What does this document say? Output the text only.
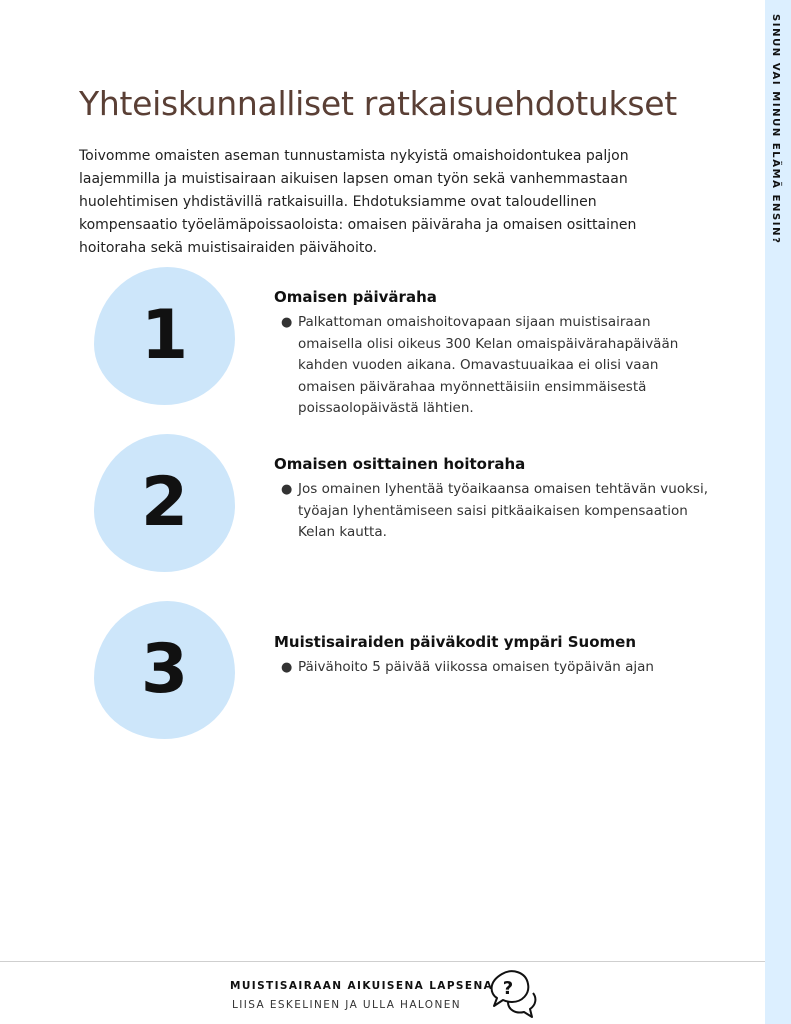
SINUN VAI MINUN ELÄMÄ ENSIN?
Yhteiskunnalliset ratkaisuehdotukset

Toivomme omaisten aseman tunnustamista nykyistä omaishoidontukea paljon laajemmilla ja muistisairaan aikuisen lapsen oman työn sekä vanhemmastaan huolehtimisen yhdistävillä ratkaisuilla. Ehdotuksiamme ovat taloudellinen kompensaatio työelämäpoissaoloista: omaisen päiväraha ja omaisen osittainen hoitoraha sekä muistisairaiden päivähoito.

1	Omaisen päiväraha
● Palkattoman omaishoitovapaan sijaan muistisairaan omaisella olisi oikeus 300 Kelan omaispäivärahapäivään kahden vuoden aikana. Omavastuuaikaa ei olisi vaan omaisen päivärahaa myönnettäisiin ensimmäisestä poissaolopäivästä lähtien.
2	Omaisen osittainen hoitoraha
● Jos omainen lyhentää työaikaansa omaisen tehtävän vuoksi, työajan lyhentämiseen saisi pitkäaikaisen kompensaation Kelan kautta.
3	Muistisairaiden päiväkodit ympäri Suomen
● Päivähoito 5 päivää viikossa omaisen työpäivän ajan
MUISTISAIRAAN AIKUISENA LAPSENA
LIISA ESKELINEN JA ULLA HALONEN
?
